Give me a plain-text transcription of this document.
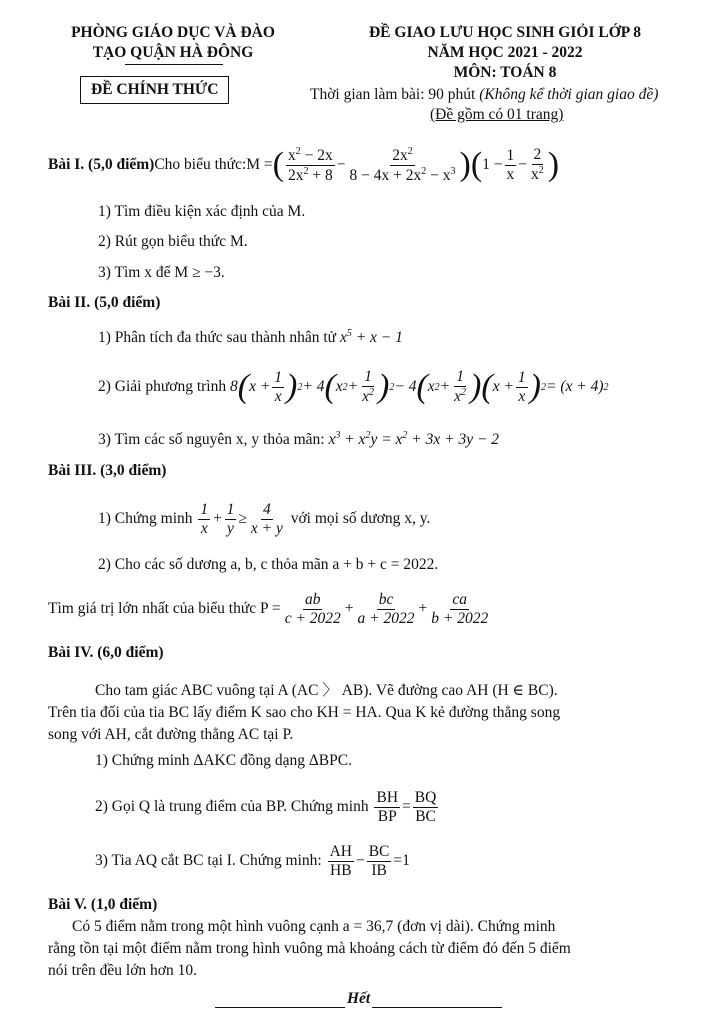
PHÒNG GIÁO DỤC VÀ ĐÀO
TẠO QUẬN HÀ ĐÔNG
ĐỀ CHÍNH THỨC
ĐỀ GIAO LƯU HỌC SINH GIỎI LỚP 8
NĂM HỌC 2021 - 2022
MÔN: TOÁN 8
Thời gian làm bài: 90 phút (Không kể thời gian giao đề)
(Đề gồm có 01 trang)
Bài I. (5,0 điểm) Cho biểu thức: M = ( $\frac{x^2 - 2x}{2x^2 + 8} - \frac{2x^2}{8 - 4x + 2x^2 - x^3}$ ) ( $1 - \frac{1}{x} - \frac{2}{x^2}$ )
1) Tìm điều kiện xác định của M.
2) Rút gọn biểu thức M.
3) Tìm x để M ≥ −3.
Bài II. (5,0 điểm)
1) Phân tích đa thức sau thành nhân tử $x^5 + x - 1$
2) Giải phương trình 8 ( $x + \frac{1}{x}$ ) 2 + 4 ( x $2 + \frac{1}{x^2}$ ) 2 − 4 ( x $2 + \frac{1}{x^2}$ ) ( $x + \frac{1}{x}$ ) 2 = (x + 4) 2
3) Tìm các số nguyên x, y thỏa mãn: $x^3 + x^2y = x^2 + 3x + 3y - 2$
Bài III. (3,0 điểm)
1) Chứng minh
$\frac{1}{x} + \frac{1}{y} \ge \frac{4}{x + y}$
với mọi số dương x, y.
2) Cho các số dương a, b, c thỏa mãn a + b + c = 2022.
Tìm giá trị lớn nhất của biểu thức $P = \frac{ab}{c + 2022} + \frac{bc}{a + 2022} + \frac{ca}{b + 2022}$
Bài IV. (6,0 điểm)
Cho tam giác ABC vuông tại A (AC 〉 AB). Vẽ đường cao AH (H ∈ BC).
Trên tia đối của tia BC lấy điểm K sao cho KH = HA. Qua K kẻ đường thẳng song
song với AH, cắt đường thẳng AC tại P.
1) Chứng minh ΔAKC đồng dạng ΔBPC.
2) Gọi Q là trung điểm của BP. Chứng minh
$\frac{BH}{BP} = \frac{BQ}{BC}$
3) Tia AQ cắt BC tại I. Chứng minh:
$\frac{AH}{HB} - \frac{BC}{IB} =1$
Bài V. (1,0 điểm)
Có 5 điểm nằm trong một hình vuông cạnh a = 36,7 (đơn vị dài). Chứng minh
rằng tồn tại một điểm nằm trong hình vuông mà khoảng cách từ điểm đó đến 5 điểm
nói trên đều lớn hơn 10.
Hết
